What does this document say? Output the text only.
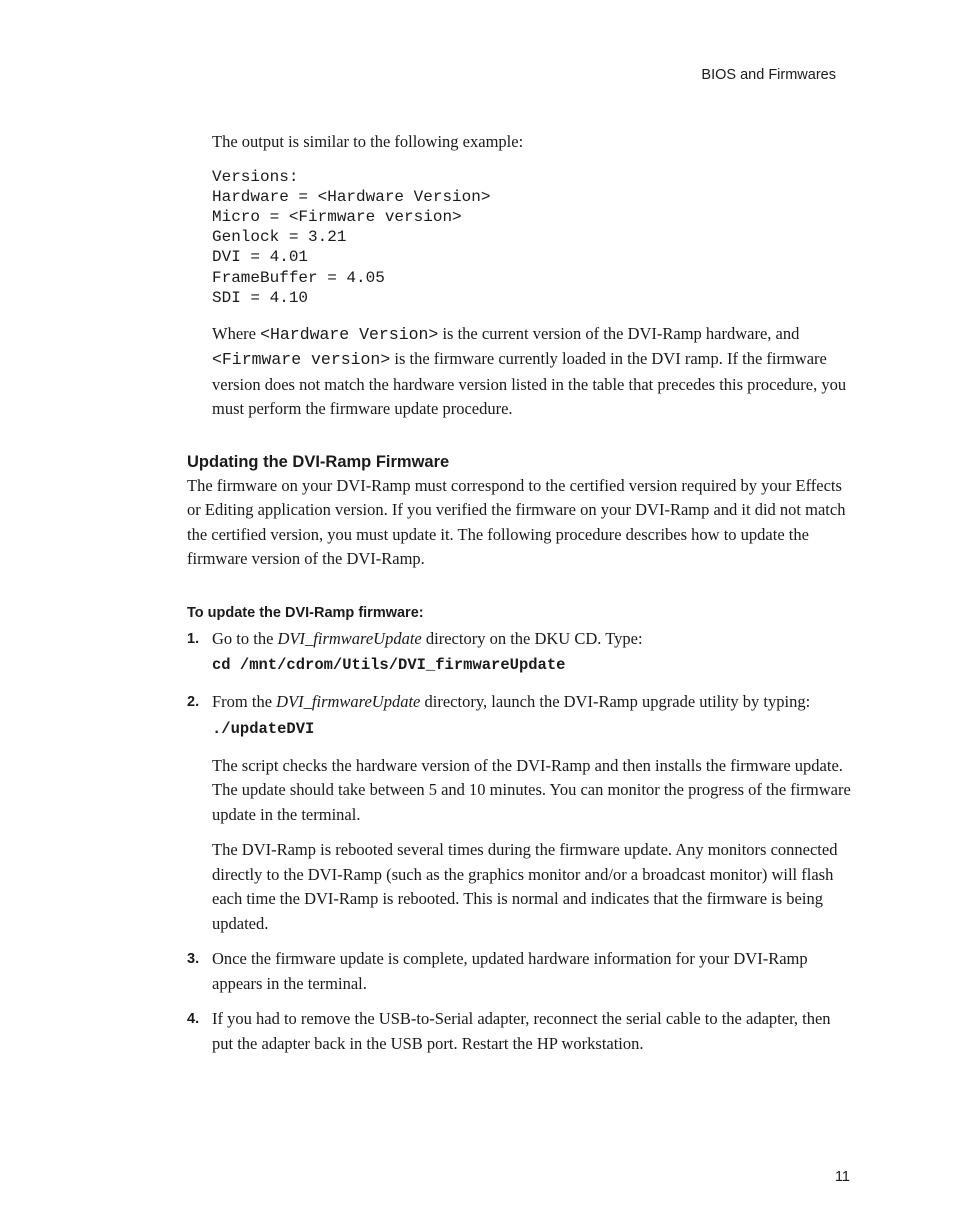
BIOS and Firmwares

The output is similar to the following example:

Versions:
Hardware = <Hardware Version>
Micro = <Firmware version>
Genlock = 3.21
DVI = 4.01
FrameBuffer = 4.05
SDI = 4.10

Where <Hardware Version> is the current version of the DVI-Ramp hardware, and <Firmware version> is the firmware currently loaded in the DVI ramp. If the firmware version does not match the hardware version listed in the table that precedes this procedure, you must perform the firmware update procedure.

Updating the DVI-Ramp Firmware

The firmware on your DVI-Ramp must correspond to the certified version required by your Effects or Editing application version. If you verified the firmware on your DVI-Ramp and it did not match the certified version, you must update it. The following procedure describes how to update the firmware version of the DVI-Ramp.

To update the DVI-Ramp firmware:
1. Go to the DVI_firmwareUpdate directory on the DKU CD. Type:

cd /mnt/cdrom/Utils/DVI_firmwareUpdate
2. From the DVI_firmwareUpdate directory, launch the DVI-Ramp upgrade utility by typing:

./updateDVI

The script checks the hardware version of the DVI-Ramp and then installs the firmware update. The update should take between 5 and 10 minutes. You can monitor the progress of the firmware update in the terminal.

The DVI-Ramp is rebooted several times during the firmware update. Any monitors connected directly to the DVI-Ramp (such as the graphics monitor and/or a broadcast monitor) will flash each time the DVI-Ramp is rebooted. This is normal and indicates that the firmware is being updated.

3. Once the firmware update is complete, updated hardware information for your DVI-Ramp appears in the terminal.

4. If you had to remove the USB-to-Serial adapter, reconnect the serial cable to the adapter, then put the adapter back in the USB port. Restart the HP workstation.

11
